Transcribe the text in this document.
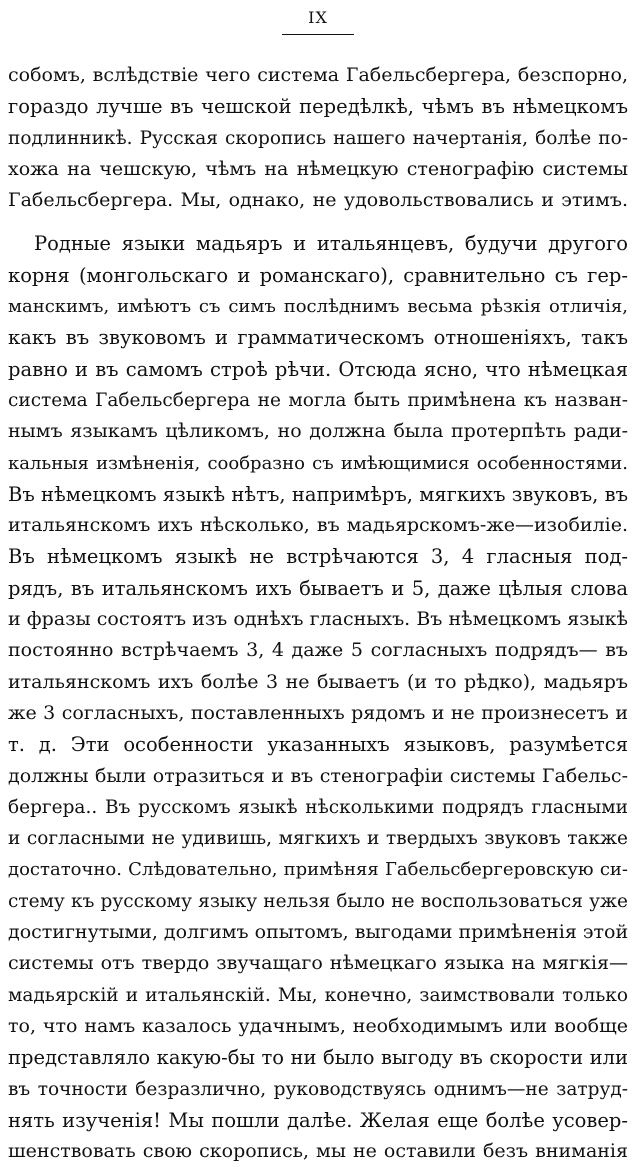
IX
собомъ, вслѣдствіе чего система Габельсбергера, безспорно,
гораздо лучше въ чешской передѣлкѣ, чѣмъ въ нѣмецкомъ
подлинникѣ. Русская скоропись нашего начертанія, болѣе по-
хожа на чешскую, чѣмъ на нѣмецкую стенографію системы
Габельсбергера. Мы, однако, не удовольствовались и этимъ.
Родные языки мадьяръ и итальянцевъ, будучи другого
корня (монгольскаго и романскаго), сравнительно съ гер-
манскимъ, имѣютъ съ симъ послѣднимъ весьма рѣзкія отличія,
какъ въ звуковомъ и грамматическомъ отношеніяхъ, такъ
равно и въ самомъ строѣ рѣчи. Отсюда ясно, что нѣмецкая
система Габельсбергера не могла быть примѣнена къ назван-
нымъ языкамъ цѣликомъ, но должна была протерпѣть ради-
кальныя измѣненія, сообразно съ имѣющимися особенностями.
Въ нѣмецкомъ языкѣ нѣтъ, напримѣръ, мягкихъ звуковъ, въ
итальянскомъ ихъ нѣсколько, въ мадьярскомъ-же—изобиліе.
Въ нѣмецкомъ языкѣ не встрѣчаются 3, 4 гласныя под-
рядъ, въ итальянскомъ ихъ бываетъ и 5, даже цѣлыя слова
и фразы состоятъ изъ однѣхъ гласныхъ. Въ нѣмецкомъ языкѣ
постоянно встрѣчаемъ 3, 4 даже 5 согласныхъ подрядъ— въ
итальянскомъ ихъ болѣе 3 не бываетъ (и то рѣдко), мадьяръ
же 3 согласныхъ, поставленныхъ рядомъ и не произнесетъ и
т. д. Эти особенности указанныхъ языковъ, разумѣется
должны были отразиться и въ стенографіи системы Габельс-
бергера.. Въ русскомъ языкѣ нѣсколькими подрядъ гласными
и согласными не удивишь, мягкихъ и твердыхъ звуковъ также
достаточно. Слѣдовательно, примѣняя Габельсбергеровскую си-
стему къ русскому языку нельзя было не воспользоваться уже
достигнутыми, долгимъ опытомъ, выгодами примѣненія этой
системы отъ твердо звучащаго нѣмецкаго языка на мягкія—
мадьярскій и итальянскій. Мы, конечно, заимствовали только
то, что намъ казалось удачнымъ, необходимымъ или вообще
представляло какую-бы то ни было выгоду въ скорости или
въ точности безразлично, руководствуясь однимъ—не затруд-
нять изученія! Мы пошли далѣе. Желая еще болѣе усовер-
шенствовать свою скоропись, мы не оставили безъ вниманія
